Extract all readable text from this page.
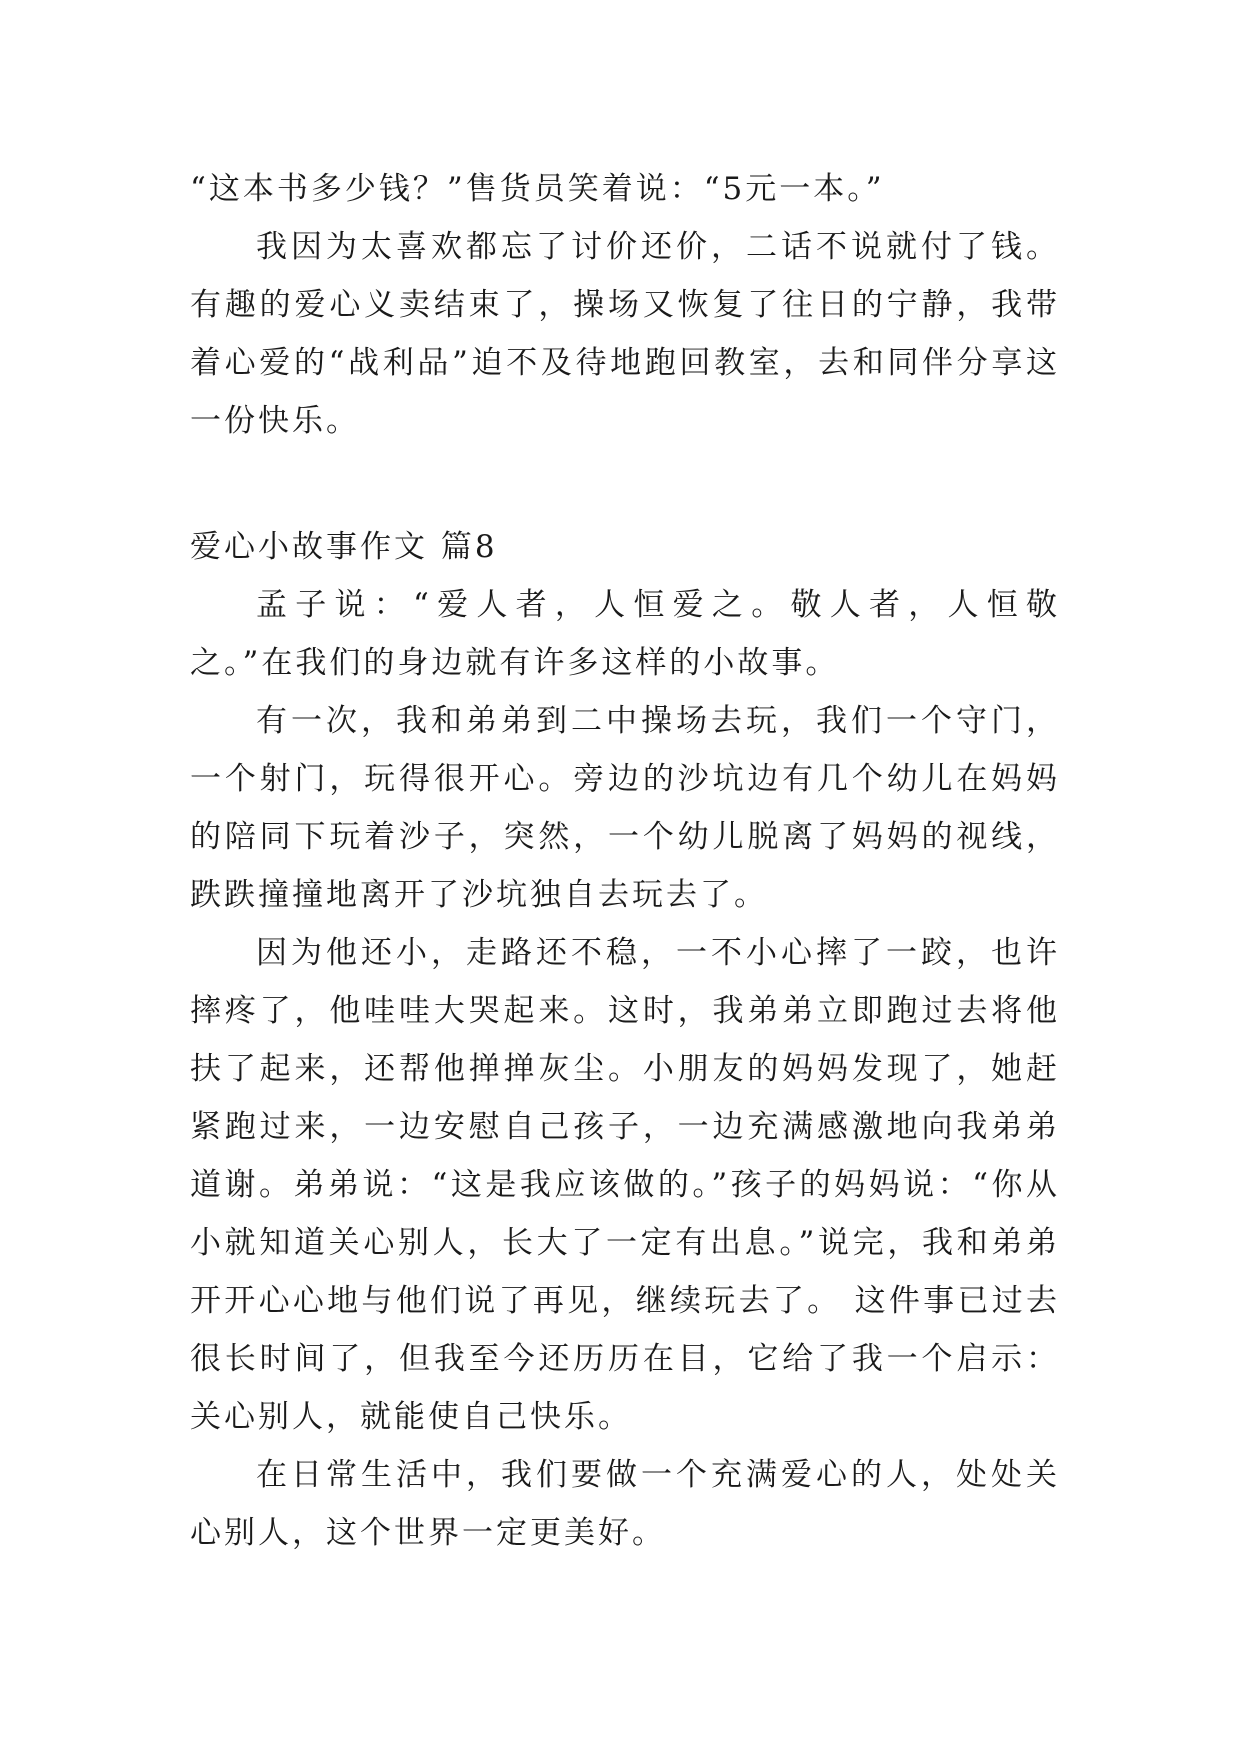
“这本书多少钱？”售货员笑着说：“5元一本。”

我因为太喜欢都忘了讨价还价，二话不说就付了钱。有趣的爱心义卖结束了，操场又恢复了往日的宁静，我带着心爱的“战利品”迫不及待地跑回教室，去和同伴分享这一份快乐。

爱心小故事作文 篇8

孟子说：“爱人者，人恒爱之。敬人者，人恒敬之。”在我们的身边就有许多这样的小故事。

有一次，我和弟弟到二中操场去玩，我们一个守门，一个射门，玩得很开心。旁边的沙坑边有几个幼儿在妈妈的陪同下玩着沙子，突然，一个幼儿脱离了妈妈的视线，跌跌撞撞地离开了沙坑独自去玩去了。

因为他还小，走路还不稳，一不小心摔了一跤，也许摔疼了，他哇哇大哭起来。这时，我弟弟立即跑过去将他扶了起来，还帮他掸掸灰尘。小朋友的妈妈发现了，她赶紧跑过来，一边安慰自己孩子，一边充满感激地向我弟弟道谢。弟弟说：“这是我应该做的。”孩子的妈妈说：“你从小就知道关心别人，长大了一定有出息。”说完，我和弟弟开开心心地与他们说了再见，继续玩去了。 这件事已过去很长时间了，但我至今还历历在目，它给了我一个启示：关心别人，就能使自己快乐。

在日常生活中，我们要做一个充满爱心的人，处处关心别人，这个世界一定更美好。
